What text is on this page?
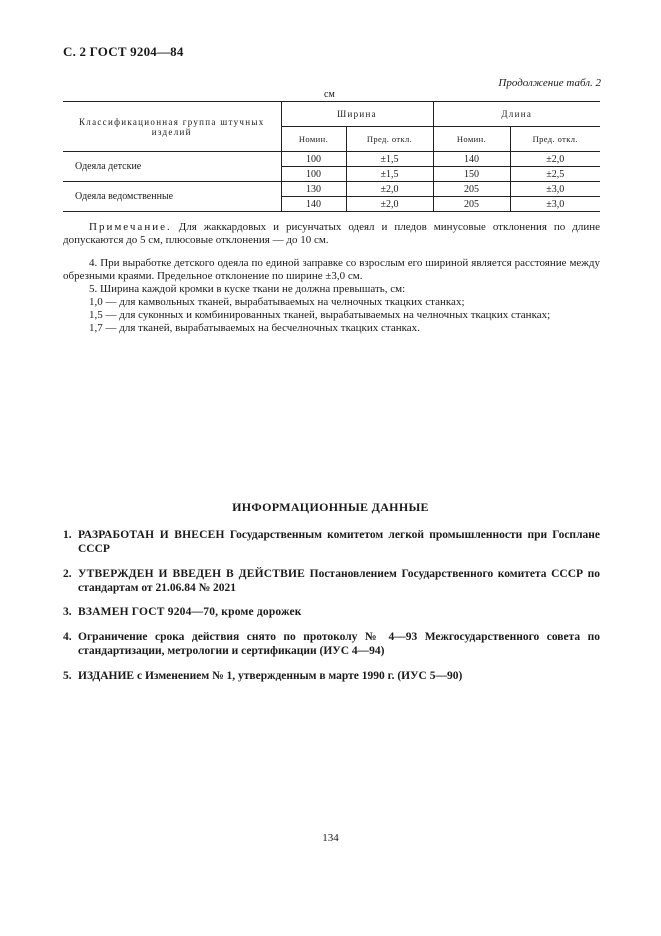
С. 2 ГОСТ 9204—84
Продолжение табл. 2
см
Классификационная группа штучных изделий	Ширина		Длина	
	Номин.	Пред. откл.	Номин.	Пред. откл.
Одеяла детские	100	±1,5	140	±2,0
	100	±1,5	150	±2,5
Одеяла ведомственные	130	±2,0	205	±3,0
	140	±2,0	205	±3,0
Примечание. Для жаккардовых и рисунчатых одеял и пледов минусовые отклонения по длине допускаются до 5 см, плюсовые отклонения — до 10 см.
4. При выработке детского одеяла по единой заправке со взрослым его шириной является расстояние между обрезными краями. Предельное отклонение по ширине ±3,0 см.
5. Ширина каждой кромки в куске ткани не должна превышать, см:
1,0 — для камвольных тканей, вырабатываемых на челночных ткацких станках;
1,5 — для суконных и комбинированных тканей, вырабатываемых на челночных ткацких станках;
1,7 — для тканей, вырабатываемых на бесчелночных ткацких станках.
ИНФОРМАЦИОННЫЕ ДАННЫЕ
1. РАЗРАБОТАН И ВНЕСЕН Государственным комитетом легкой промышленности при Госплане СССР
2. УТВЕРЖДЕН И ВВЕДЕН В ДЕЙСТВИЕ Постановлением Государственного комитета СССР по стандартам от 21.06.84 № 2021
3. ВЗАМЕН ГОСТ 9204—70, кроме дорожек
4. Ограничение срока действия снято по протоколу № 4—93 Межгосударственного совета по стандартизации, метрологии и сертификации (ИУС 4—94)
5. ИЗДАНИЕ с Изменением № 1, утвержденным в марте 1990 г. (ИУС 5—90)
134
